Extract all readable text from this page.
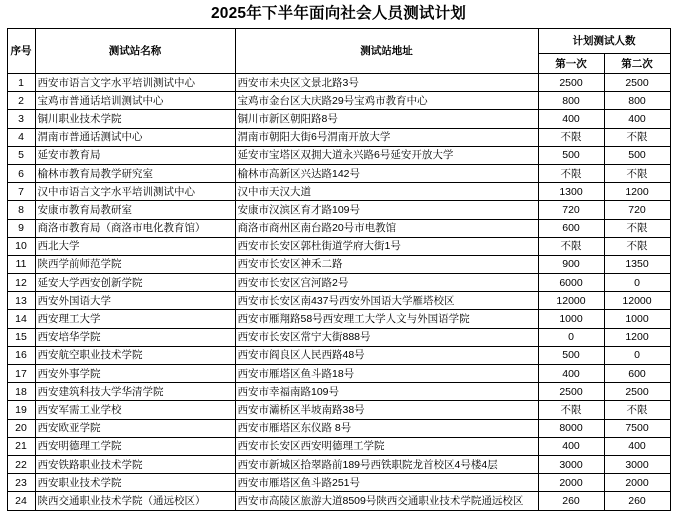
2025年下半年面向社会人员测试计划
序号	测试站名称	测试站地址	计划测试人数	
			第一次	第二次
1	西安市语言文字水平培训测试中心	西安市未央区文景北路3号	2500	2500
2	宝鸡市普通话培训测试中心	宝鸡市金台区大庆路29号宝鸡市教育中心	800	800
3	铜川职业技术学院	铜川市新区朝阳路8号	400	400
4	渭南市普通话测试中心	渭南市朝阳大街6号渭南开放大学	不限	不限
5	延安市教育局	延安市宝塔区双拥大道永兴路6号延安开放大学	500	500
6	榆林市教育局教学研究室	榆林市高新区兴达路142号	不限	不限
7	汉中市语言文字水平培训测试中心	汉中市天汉大道	1300	1200
8	安康市教育局教研室	安康市汉滨区育才路109号	720	720
9	商洛市教育局（商洛市电化教育馆）	商洛市商州区南台路20号市电教馆	600	不限
10	西北大学	西安市长安区郭杜街道学府大街1号	不限	不限
11	陕西学前师范学院	西安市长安区神禾二路	900	1350
12	延安大学西安创新学院	西安市长安区宫河路2号	6000	0
13	西安外国语大学	西安市长安区南437号西安外国语大学雁塔校区	12000	12000
14	西安理工大学	西安市雁翔路58号西安理工大学人文与外国语学院	1000	1000
15	西安培华学院	西安市长安区常宁大街888号	0	1200
16	西安航空职业技术学院	西安市阎良区人民西路48号	500	0
17	西安外事学院	西安市雁塔区鱼斗路18号	400	600
18	西安建筑科技大学华清学院	西安市幸福南路109号	2500	2500
19	西安军需工业学校	西安市灞桥区半坡南路38号	不限	不限
20	西安欧亚学院	西安市雁塔区东仪路 8号	8000	7500
21	西安明德理工学院	西安市长安区西安明德理工学院	400	400
22	西安铁路职业技术学院	西安市新城区拾翠路前189号西铁职院龙首校区4号楼4层	3000	3000
23	西安职业技术学院	西安市雁塔区鱼斗路251号	2000	2000
24	陕西交通职业技术学院（通远校区）	西安市高陵区旅游大道8509号陕西交通职业技术学院通远校区	260	260
